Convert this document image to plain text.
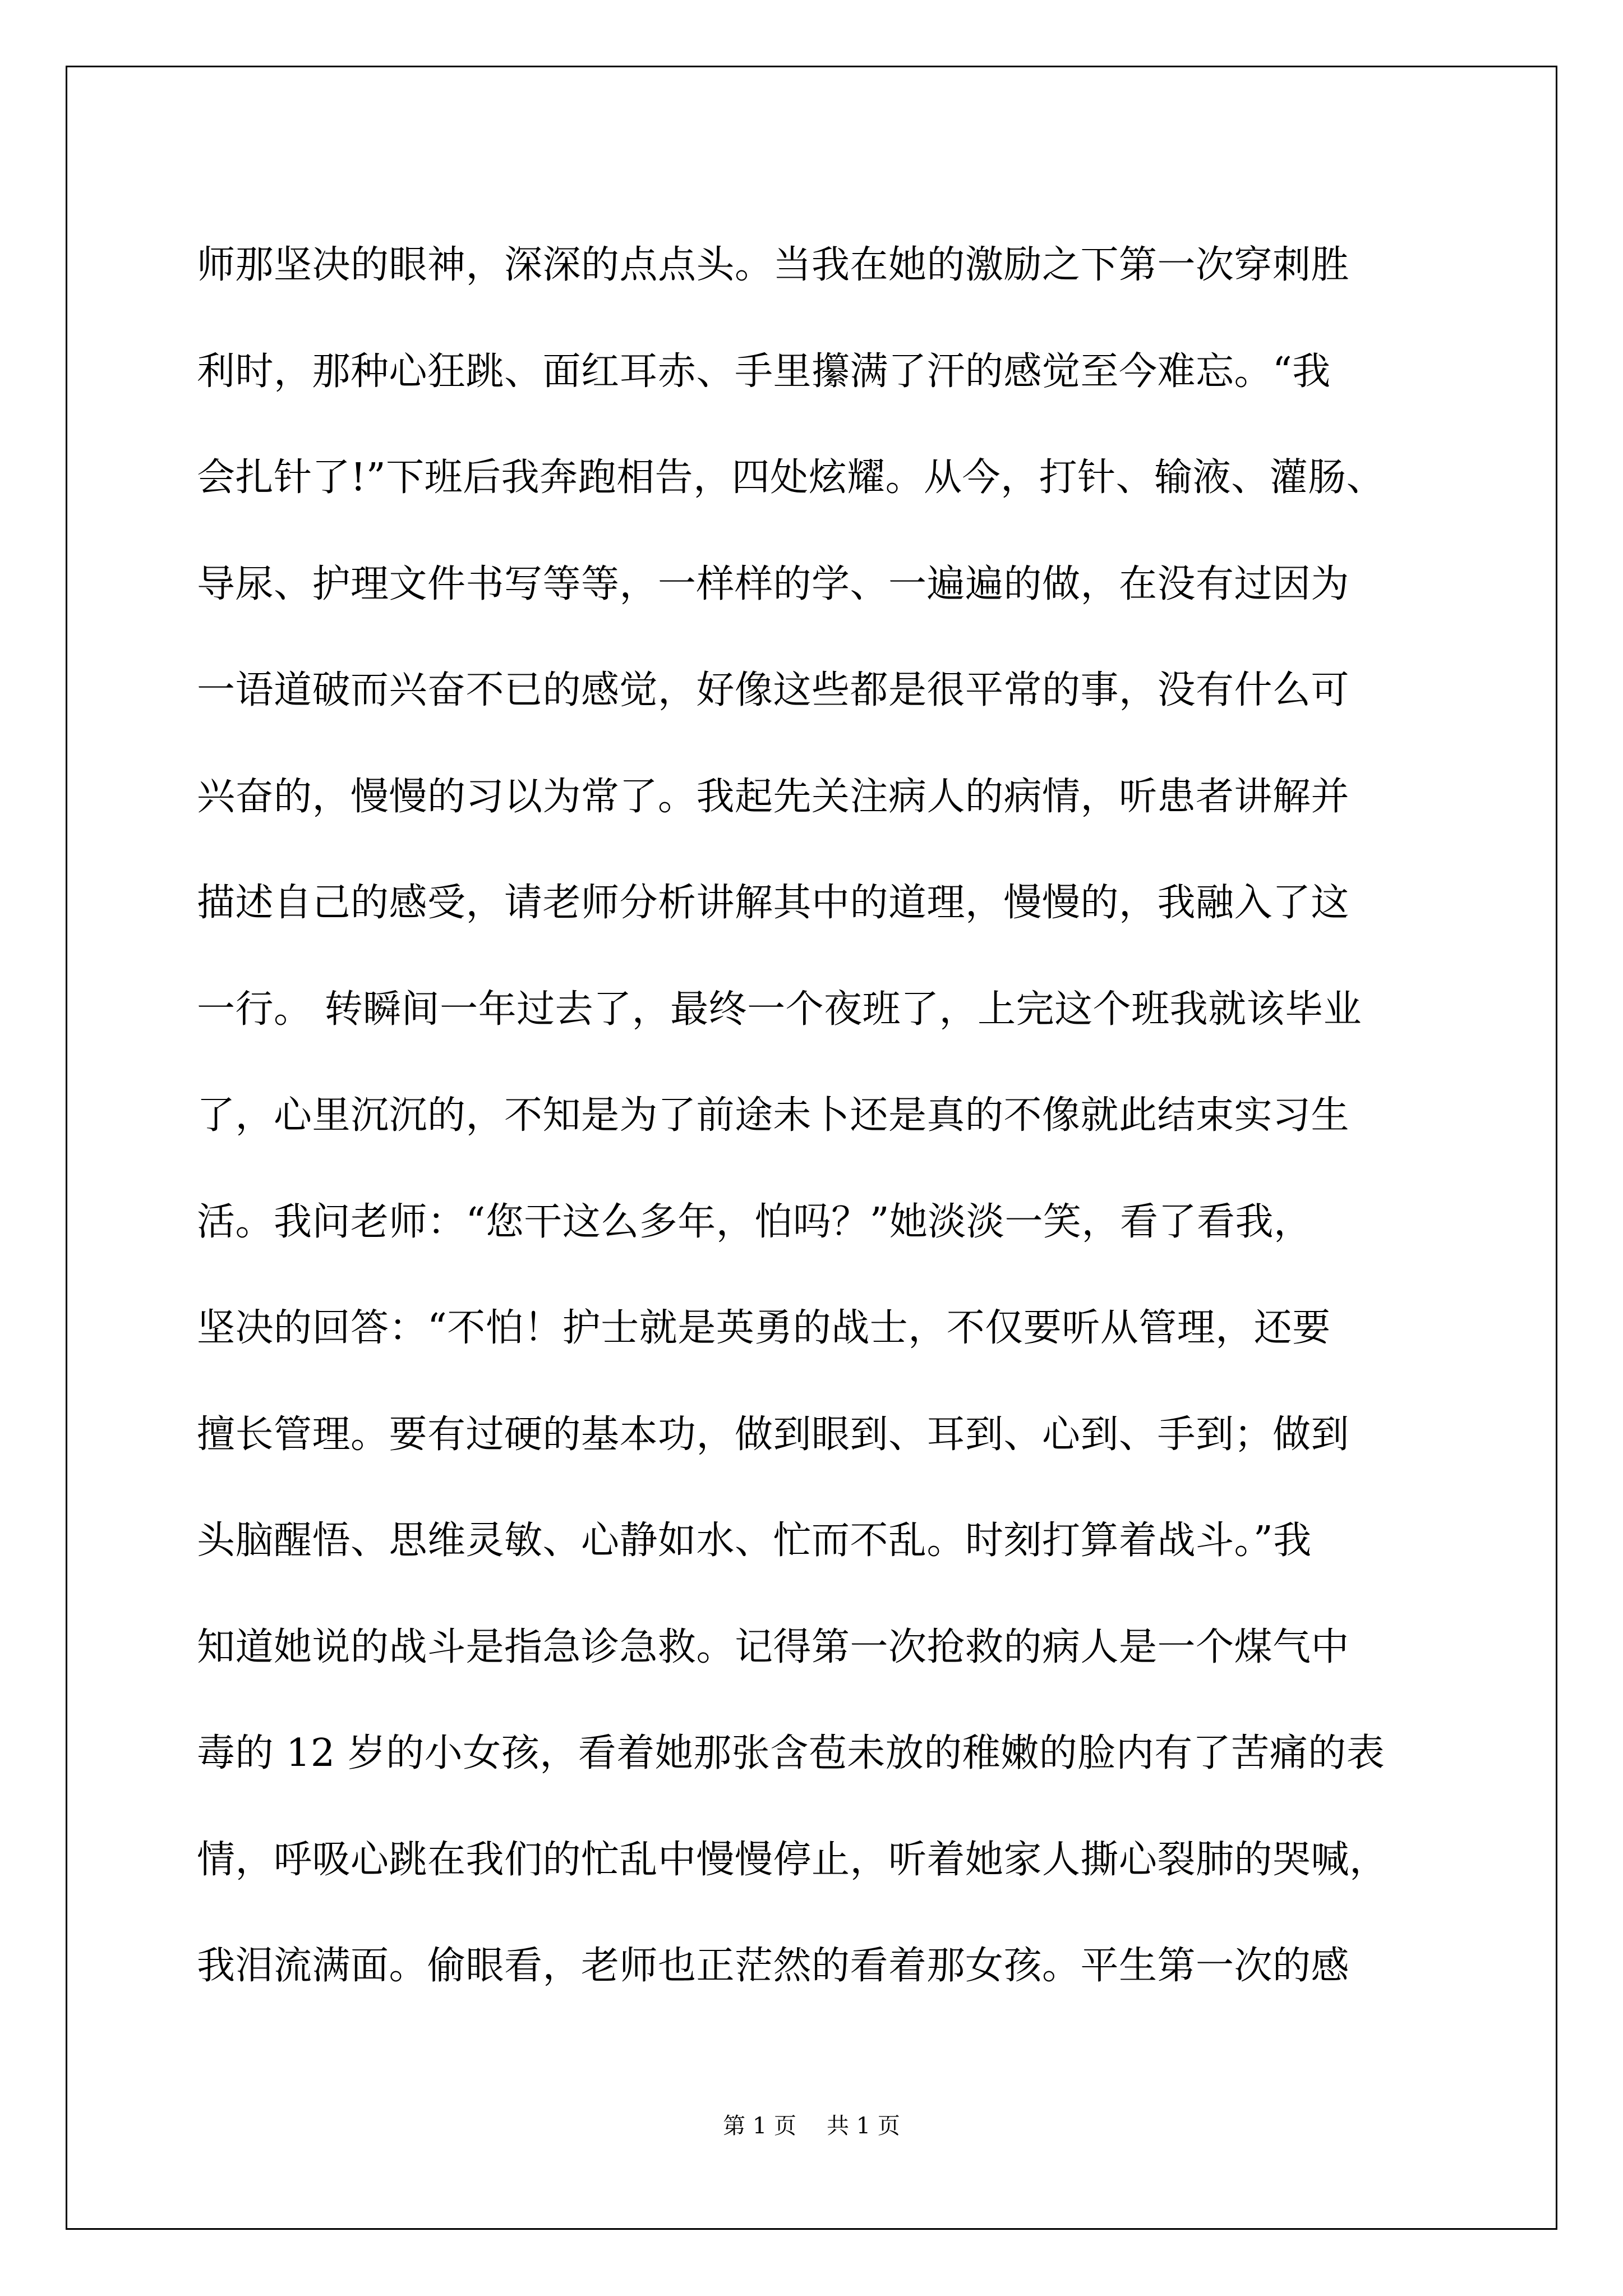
师那坚决的眼神，深深的点点头。当我在她的激励之下第一次穿刺胜
利时，那种心狂跳、面红耳赤、手里攥满了汗的感觉至今难忘。“我
会扎针了!”下班后我奔跑相告，四处炫耀。从今，打针、输液、灌肠、
导尿、护理文件书写等等，一样样的学、一遍遍的做，在没有过因为
一语道破而兴奋不已的感觉，好像这些都是很平常的事，没有什么可
兴奋的，慢慢的习以为常了。我起先关注病人的病情，听患者讲解并
描述自己的感受，请老师分析讲解其中的道理，慢慢的，我融入了这
一行。 转瞬间一年过去了，最终一个夜班了，上完这个班我就该毕业
了，心里沉沉的，不知是为了前途未卜还是真的不像就此结束实习生
活。我问老师：“您干这么多年，怕吗？”她淡淡一笑，看了看我，
坚决的回答：“不怕！护士就是英勇的战士，不仅要听从管理，还要
擅长管理。要有过硬的基本功，做到眼到、耳到、心到、手到；做到
头脑醒悟、思维灵敏、心静如水、忙而不乱。时刻打算着战斗。”我
知道她说的战斗是指急诊急救。记得第一次抢救的病人是一个煤气中
毒的 12 岁的小女孩，看着她那张含苞未放的稚嫩的脸内有了苦痛的表
情，呼吸心跳在我们的忙乱中慢慢停止，听着她家人撕心裂肺的哭喊，
我泪流满面。偷眼看，老师也正茫然的看着那女孩。平生第一次的感
第 1 页 共 1 页
